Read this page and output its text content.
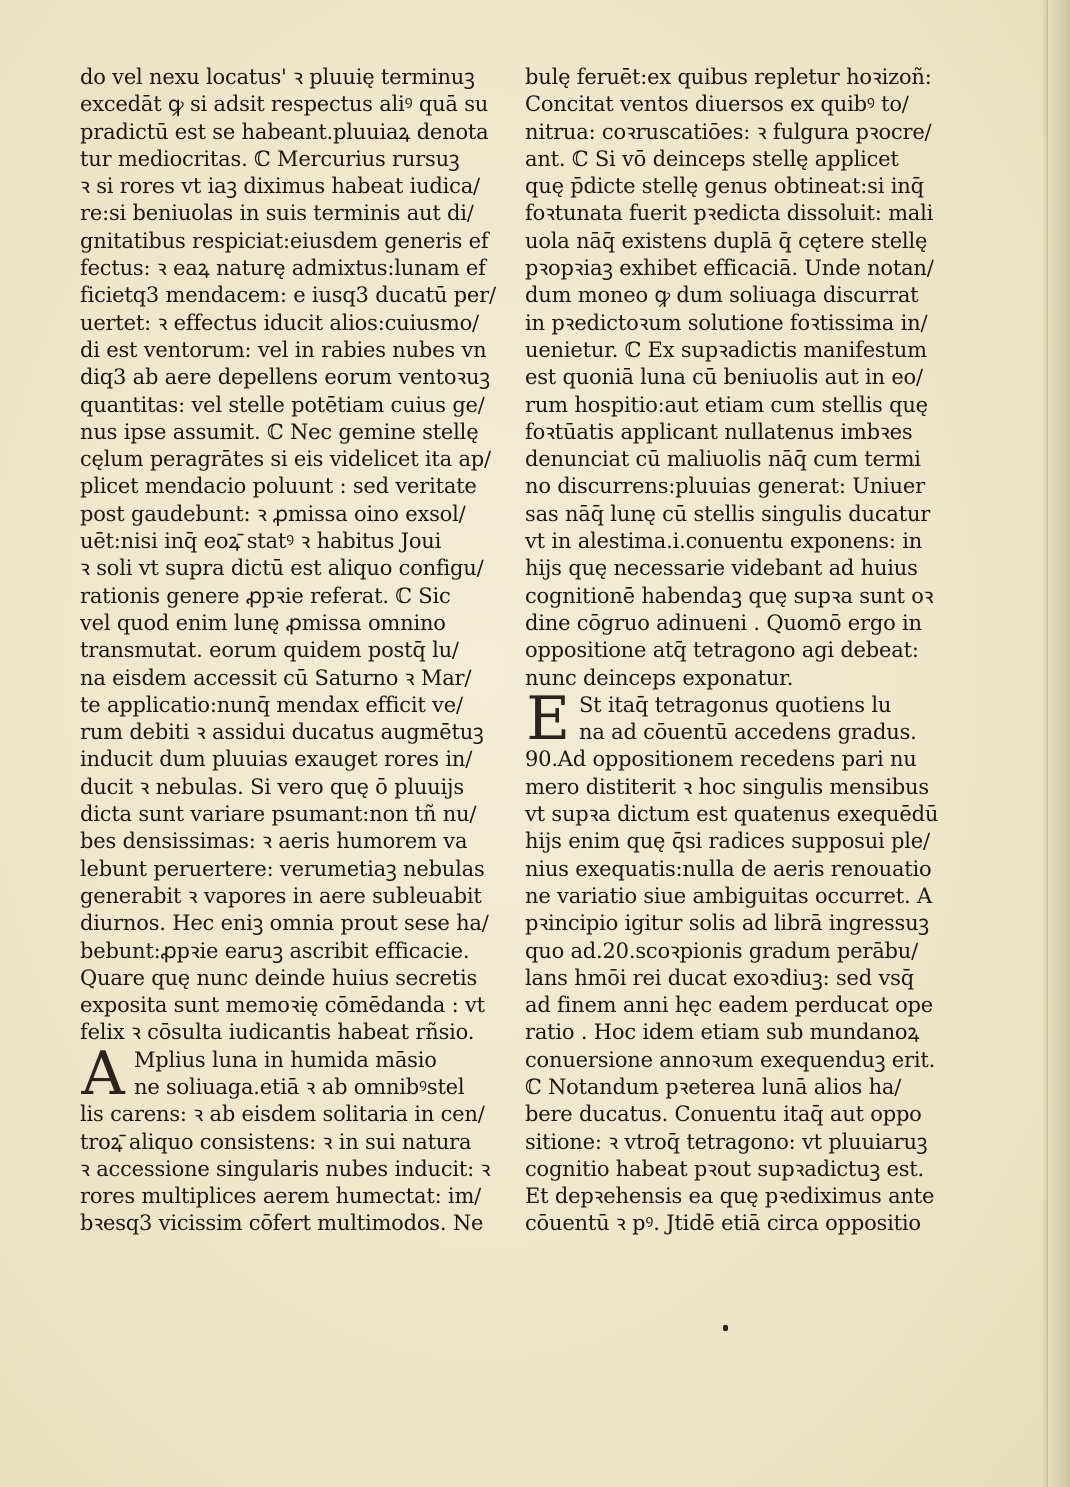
do vel nexu locatus' ꝛ pluuię terminuꝫ
excedāt ꝙ si adsit respectus aliꝰ quā su
pradictū est se habeant.pluuiaꝝ denota
tur mediocritas. ℂ Mercurius rursuꝫ
ꝛ si rores vt iaꝫ diximus habeat iudica∕
re:si beniuolas in suis terminis aut di∕
gnitatibus respiciat:eiusdem generis ef
fectus: ꝛ eaꝝ naturę admixtus:lunam ef
ficietq3 mendacem: e iusq3 ducatū per∕
uertet: ꝛ effectus iducit alios:cuiusmo∕
di est ventorum: vel in rabies nubes vn
diq3 ab aere depellens eorum ventoꝛuꝫ
quantitas: vel stelle potētiam cuius ge∕
nus ipse assumit. ℂ Nec gemine stellę
cęlum peragrātes si eis videlicet ita ap∕
plicet mendacio poluunt : sed veritate
post gaudebunt: ꝛ ꝓmissa oino exsol∕
uēt:nisi inq̄ eoꝝ̄ statꝰ ꝛ habitus Joui
ꝛ soli vt supra dictū est aliquo configu∕
rationis genere ꝓpꝛie referat. ℂ Sic
vel quod enim lunę ꝓmissa omnino
transmutat. eorum quidem postq̄ lu∕
na eisdem accessit cū Saturno ꝛ Mar∕
te applicatio:nunq̄ mendax efficit ve∕
rum debiti ꝛ assidui ducatus augmētuꝫ
inducit dum pluuias exauget rores in∕
ducit ꝛ nebulas. Si vero quę ō pluuijs
dicta sunt variare psumant:non tñ nu∕
bes densissimas: ꝛ aeris humorem va
lebunt peruertere: verumetiaꝫ nebulas
generabit ꝛ vapores in aere subleuabit
diurnos. Hec eniꝫ omnia prout sese ha∕
bebunt:ꝓpꝛie earuꝫ ascribit efficacie.
Quare quę nunc deinde huius secretis
exposita sunt memoꝛię cōmēdanda : vt
felix ꝛ cōsulta iudicantis habeat rñsio.
A Mplius luna in humida māsio
ne soliuaga.etiā ꝛ ab omnibꝰstel
lis carens: ꝛ ab eisdem solitaria in cen∕
troꝝ̄ aliquo consistens: ꝛ in sui natura
ꝛ accessione singularis nubes inducit: ꝛ
rores multiplices aerem humectat: im∕
bꝛesq3 vicissim cōfert multimodos. Ne
bulę feruēt:ex quibus repletur hoꝛizoñ:
Concitat ventos diuersos ex quibꝰ to∕
nitrua: coꝛruscatiōes: ꝛ fulgura pꝛocre∕
ant. ℂ Si vō deinceps stellę applicet
quę p̄dicte stellę genus obtineat:si inq̄
foꝛtunata fuerit pꝛedicta dissoluit: mali
uola nāq̄ existens duplā q̄ cętere stellę
pꝛopꝛiaꝫ exhibet efficaciā. Unde notan∕
dum moneo ꝙ dum soliuaga discurrat
in pꝛedictoꝛum solutione foꝛtissima in∕
uenietur. ℂ Ex supꝛadictis manifestum
est quoniā luna cū beniuolis aut in eo∕
rum hospitio:aut etiam cum stellis quę
foꝛtūatis applicant nullatenus imbꝛes
denunciat cū maliuolis nāq̄ cum termi
no discurrens:pluuias generat: Uniuer
sas nāq̄ lunę cū stellis singulis ducatur
vt in alestima.i.conuentu exponens: in
hijs quę necessarie videbant ad huius
cognitionē habendaꝫ quę supꝛa sunt oꝛ
dine cōgruo adinueni . Quomō ergo in
oppositione atq̄ tetragono agi debeat:
nunc deinceps exponatur.
E St itaq̄ tetragonus quotiens lu
na ad cōuentū accedens gradus.
90.Ad oppositionem recedens pari nu
mero distiterit ꝛ hoc singulis mensibus
vt supꝛa dictum est quatenus exequēdū
hijs enim quę q̄si radices supposui ple∕
nius exequatis:nulla de aeris renouatio
ne variatio siue ambiguitas occurret. A
pꝛincipio igitur solis ad librā ingressuꝫ
quo ad.20.scoꝛpionis gradum perābu∕
lans hmōi rei ducat exoꝛdiuꝫ: sed vsq̄
ad finem anni hęc eadem perducat ope
ratio . Hoc idem etiam sub mundanoꝝ
conuersione annoꝛum exequenduꝫ erit.
ℂ Notandum pꝛeterea lunā alios ha∕
bere ducatus. Conuentu itaq̄ aut oppo
sitione: ꝛ vtroq̄ tetragono: vt pluuiaruꝫ
cognitio habeat pꝛout supꝛadictuꝫ est.
Et depꝛehensis ea quę pꝛediximus ante
cōuentū ꝛ pꝰ. Jtidē etiā circa oppositio
